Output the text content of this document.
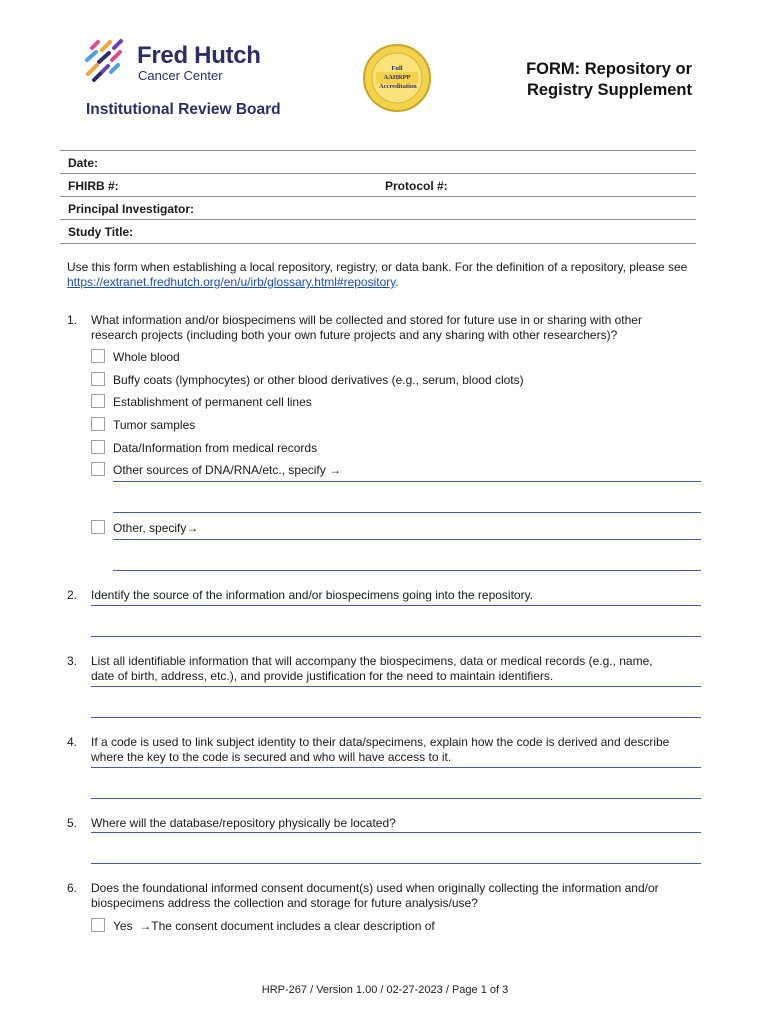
Fred Hutch
Cancer Center
Institutional Review Board
Full AAHRPP Accreditation
FORM: Repository or
Registry Supplement
Date:
FHIRB #:	Protocol #:
Principal Investigator:
Study Title:
Use this form when establishing a local repository, registry, or data bank. For the definition of a repository, please see https://extranet.fredhutch.org/en/u/irb/glossary.html#repository.
1. What information and/or biospecimens will be collected and stored for future use in or sharing with other
research projects (including both your own future projects and any sharing with other researchers)?
Whole blood
Buffy coats (lymphocytes) or other blood derivatives (e.g., serum, blood clots)
Establishment of permanent cell lines
Tumor samples
Data/Information from medical records
Other sources of DNA/RNA/etc., specify →
Other, specify→
2. Identify the source of the information and/or biospecimens going into the repository.
3. List all identifiable information that will accompany the biospecimens, data or medical records (e.g., name,
date of birth, address, etc.), and provide justification for the need to maintain identifiers.
4. If a code is used to link subject identity to their data/specimens, explain how the code is derived and describe
where the key to the code is secured and who will have access to it.
5. Where will the database/repository physically be located?
6. Does the foundational informed consent document(s) used when originally collecting the information and/or
biospecimens address the collection and storage for future analysis/use?
Yes  →The consent document includes a clear description of
HRP-267 / Version 1.00 / 02-27-2023 / Page 1 of 3
